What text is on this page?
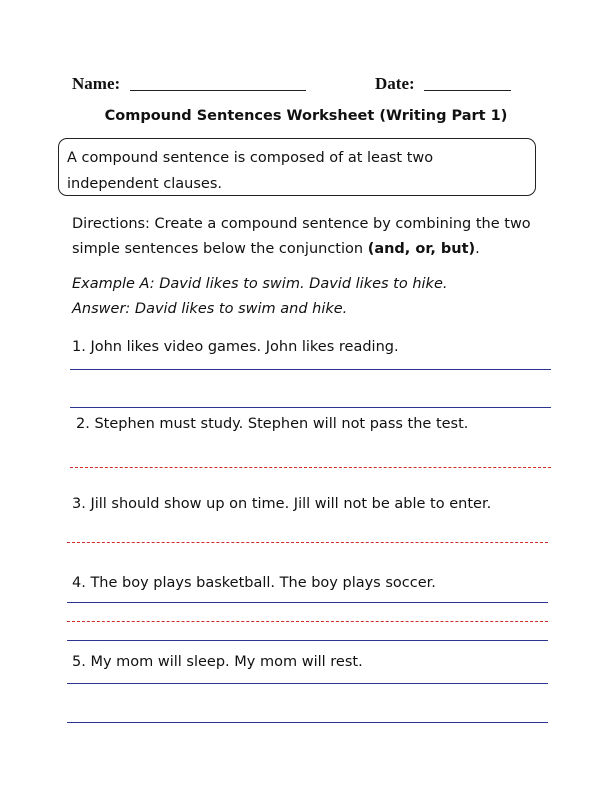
Name:	Date:
Compound Sentences Worksheet (Writing Part 1)
A compound sentence is composed of at least two
independent clauses.
Directions: Create a compound sentence by combining the two
simple sentences below the conjunction (and, or, but).
Example A: David likes to swim. David likes to hike.
Answer: David likes to swim and hike.
1. John likes video games. John likes reading.
2. Stephen must study. Stephen will not pass the test.
3. Jill should show up on time. Jill will not be able to enter.
4. The boy plays basketball. The boy plays soccer.
5. My mom will sleep. My mom will rest.
